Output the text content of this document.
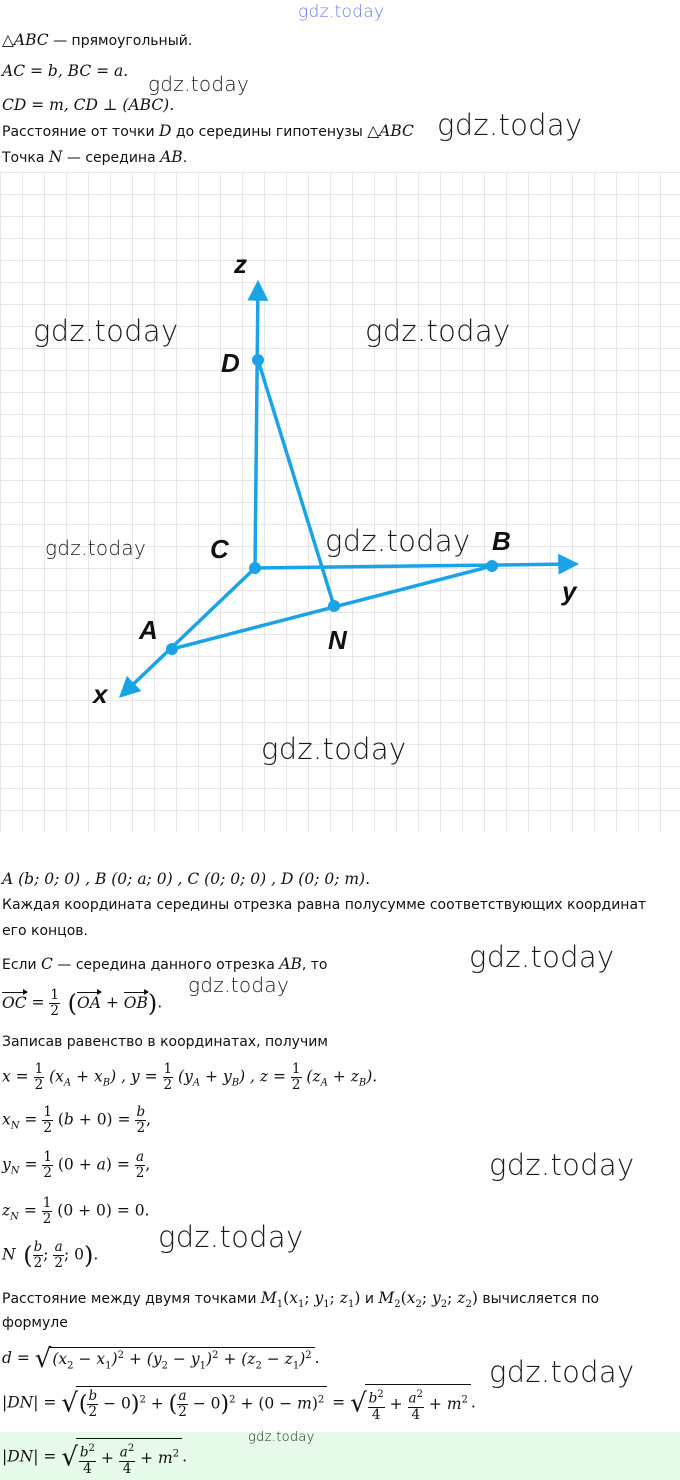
gdz.today
△ABC — прямоугольный.
AC = b, BC = a.
CD = m, CD ⊥ (ABC).
Расстояние от точки D до середины гипотенузы △ABC
Точка N — середина AB.
gdz.today
gdz.today
z
D
C	B
y
A	N
x
gdz.today	gdz.today
gdz.today	gdz.today
gdz.today
A (b; 0; 0) , B (0; a; 0) , C (0; 0; 0) , D (0; 0; m).
Каждая координата середины отрезка равна полусумме соответствующих координат
его концов.
Если C — середина данного отрезка AB, то	gdz.today
OC = $\frac{1}{2} (OA + OB)$.
gdz.today
Записав равенство в координатах, получим
$x = \frac{1}{2} (x_A + x_B)$ , $y = \frac{1}{2} (y_A + y_B)$ , $z = \frac{1}{2} (z_A + z_B)$.
$x_N = \frac{1}{2} (b + 0) = \frac{b}{2}$ ,
$y_N = \frac{1}{2} (0 + a) = \frac{a}{2}$ ,	gdz.today
$z_N = \frac{1}{2} (0 + 0) = 0$.
N ( $\frac{b}{2}$ ; $\frac{a}{2}$ ; 0).
gdz.today
Расстояние между двумя точками $M_1(x_1$; $y_1$; $z_1$) и $M_2(x_2$; $y_2$; $z_2$) вычисляется по
формуле
$d = √(x_2 - x_1)^2 + (y_2 - y_1)^2 + (z_2 - z_1)^2$ .
|DN| = √( $\frac{b}{2} - 0)^2$ + ( $\frac{a}{2} - 0)^2 + (0 - m)^2$ = √ $\frac{b^2}{4} + \frac{a^2}{4} + m^2$ .
gdz.today
|DN| = √ $\frac{b^2}{4} + \frac{a^2}{4} + m^2$ .
gdz.today
